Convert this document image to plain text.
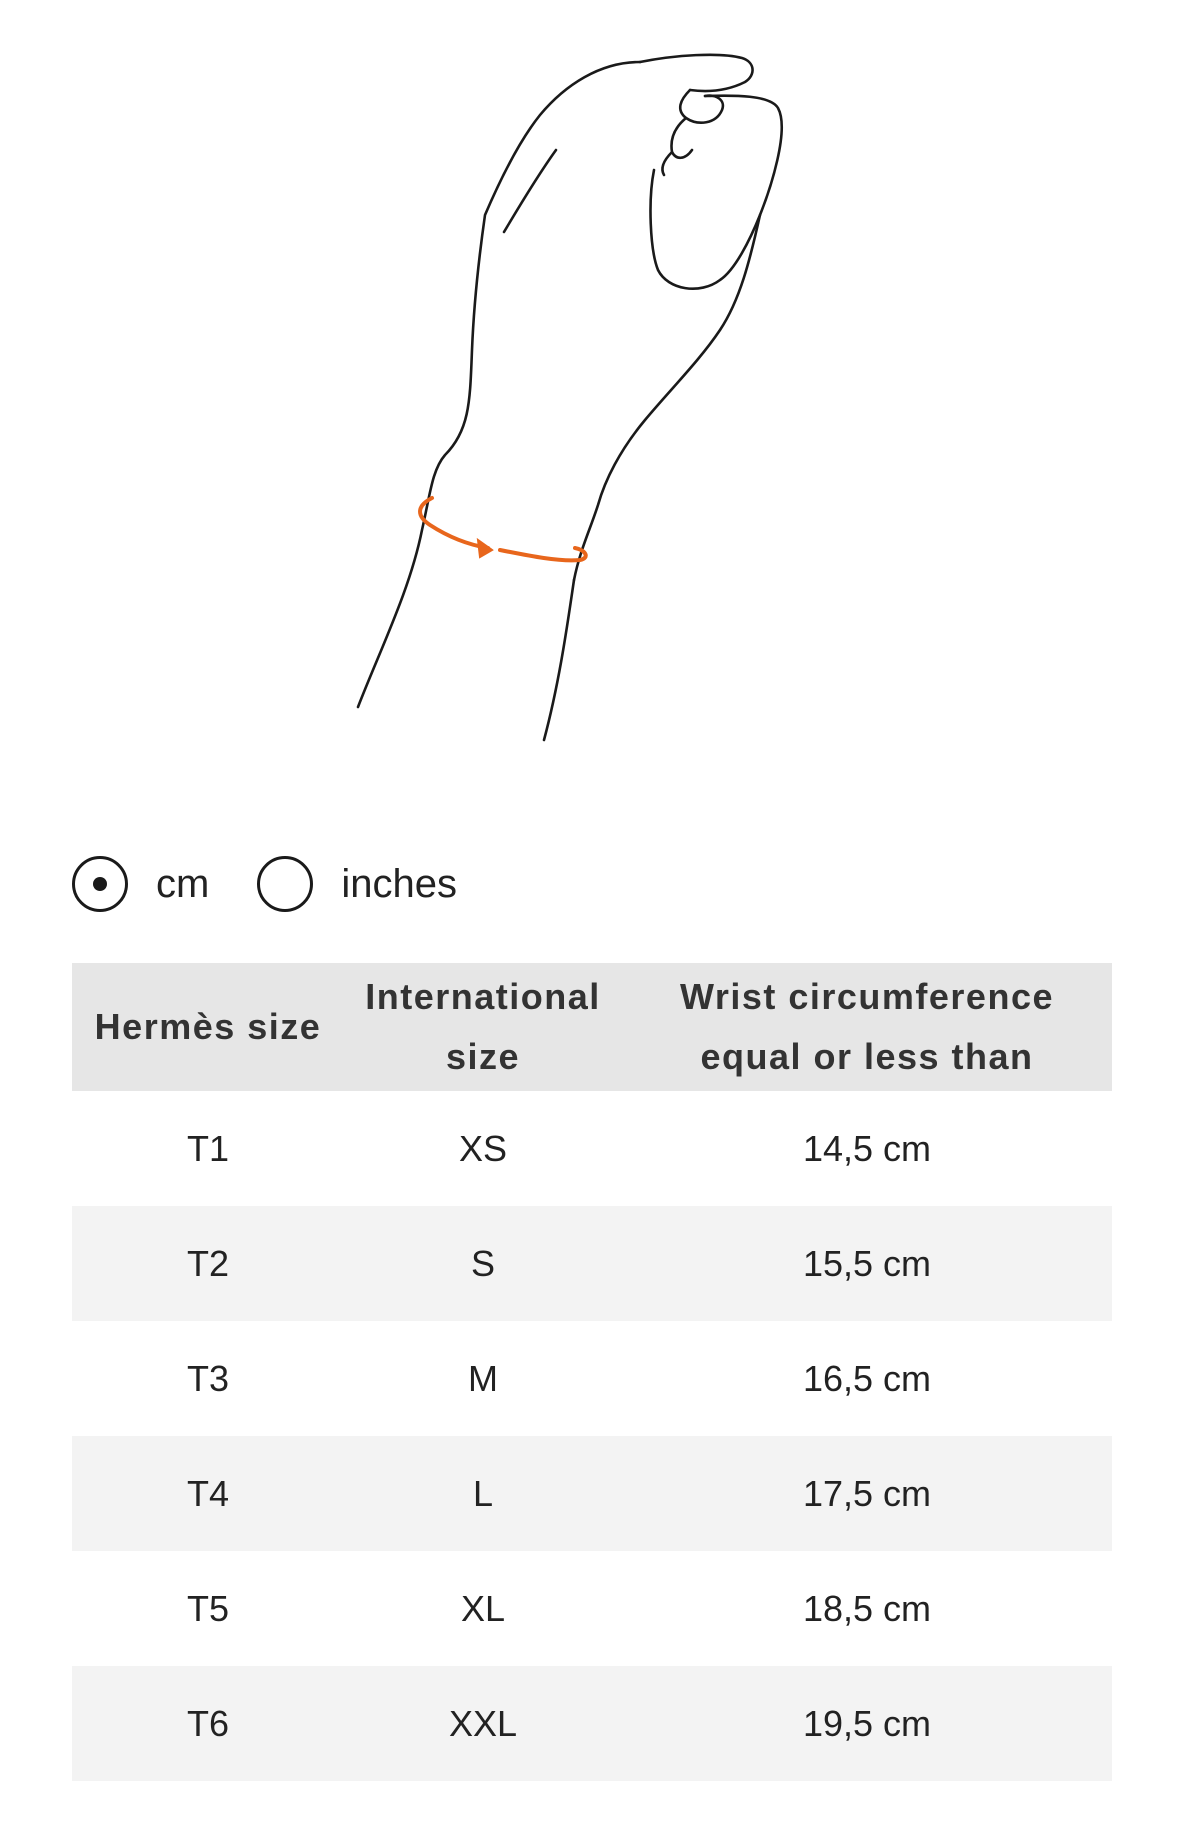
cm	inches
Hermès size	International size	Wrist circumference equal or less than
T1	XS	14,5 cm
T2	S	15,5 cm
T3	M	16,5 cm
T4	L	17,5 cm
T5	XL	18,5 cm
T6	XXL	19,5 cm
